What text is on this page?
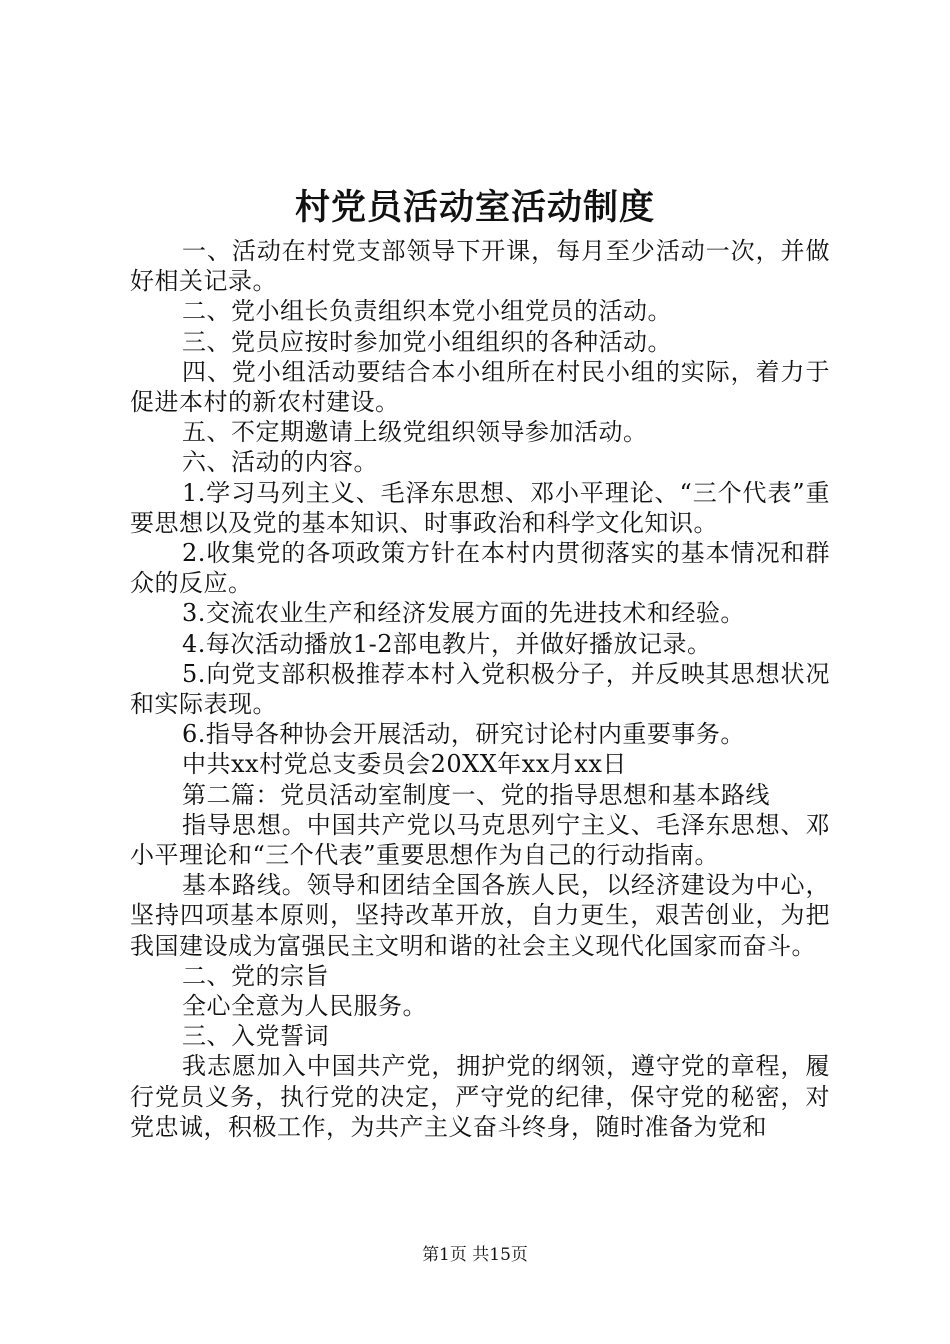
村党员活动室活动制度

一、活动在村党支部领导下开课，每月至少活动一次，并做好相关记录。

二、党小组长负责组织本党小组党员的活动。

三、党员应按时参加党小组组织的各种活动。

四、党小组活动要结合本小组所在村民小组的实际，着力于促进本村的新农村建设。

五、不定期邀请上级党组织领导参加活动。

六、活动的内容。

1.学习马列主义、毛泽东思想、邓小平理论、“三个代表”重要思想以及党的基本知识、时事政治和科学文化知识。

2.收集党的各项政策方针在本村内贯彻落实的基本情况和群众的反应。

3.交流农业生产和经济发展方面的先进技术和经验。

4.每次活动播放1-2部电教片，并做好播放记录。

5.向党支部积极推荐本村入党积极分子，并反映其思想状况和实际表现。

6.指导各种协会开展活动，研究讨论村内重要事务。

中共xx村党总支委员会20XX年xx月xx日

第二篇：党员活动室制度一、党的指导思想和基本路线

指导思想。中国共产党以马克思列宁主义、毛泽东思想、邓小平理论和“三个代表”重要思想作为自己的行动指南。

基本路线。领导和团结全国各族人民，以经济建设为中心，坚持四项基本原则，坚持改革开放，自力更生，艰苦创业，为把我国建设成为富强民主文明和谐的社会主义现代化国家而奋斗。

二、党的宗旨

全心全意为人民服务。

三、入党誓词

我志愿加入中国共产党，拥护党的纲领，遵守党的章程，履行党员义务，执行党的决定，严守党的纪律，保守党的秘密，对党忠诚，积极工作，为共产主义奋斗终身，随时准备为党和

第1页 共15页
